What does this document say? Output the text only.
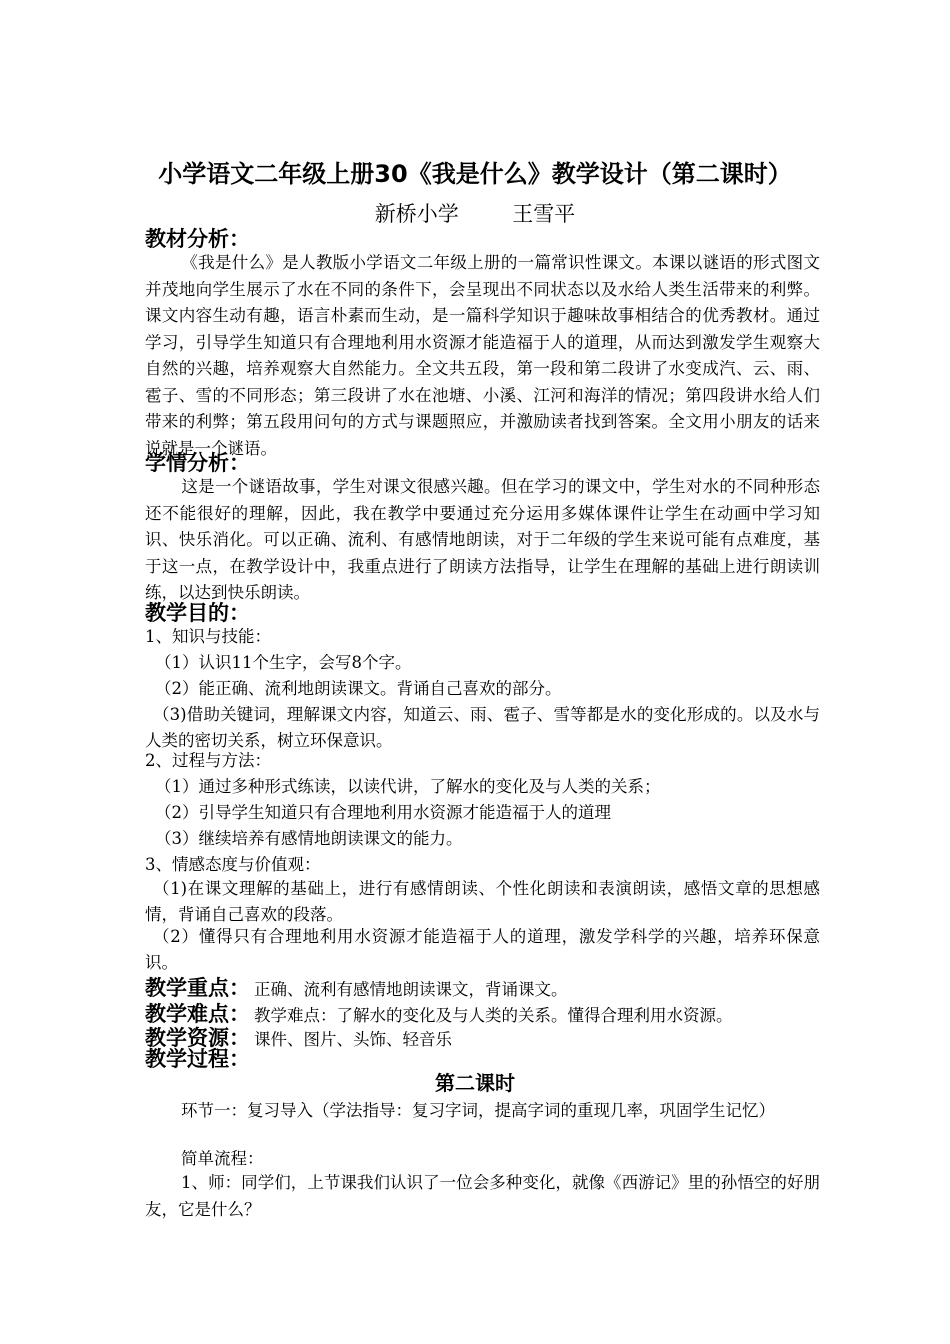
小学语文二年级上册30《我是什么》教学设计（第二课时）
新桥小学        王雪平
教材分析：

《我是什么》是人教版小学语文二年级上册的一篇常识性课文。本课以谜语的形式图文并茂地向学生展示了水在不同的条件下，会呈现出不同状态以及水给人类生活带来的利弊。课文内容生动有趣，语言朴素而生动，是一篇科学知识于趣味故事相结合的优秀教材。通过学习，引导学生知道只有合理地利用水资源才能造福于人的道理，从而达到激发学生观察大自然的兴趣，培养观察大自然能力。全文共五段，第一段和第二段讲了水变成汽、云、雨、雹子、雪的不同形态；第三段讲了水在池塘、小溪、江河和海洋的情况；第四段讲水给人们带来的利弊；第五段用问句的方式与课题照应，并激励读者找到答案。全文用小朋友的话来说就是一个谜语。

学情分析：

这是一个谜语故事，学生对课文很感兴趣。但在学习的课文中，学生对水的不同种形态还不能很好的理解，因此，我在教学中要通过充分运用多媒体课件让学生在动画中学习知识、快乐消化。可以正确、流利、有感情地朗读，对于二年级的学生来说可能有点难度，基于这一点，在教学设计中，我重点进行了朗读方法指导，让学生在理解的基础上进行朗读训练，以达到快乐朗读。

教学目的：
1、知识与技能：
（1）认识11个生字，会写8个字。
（2）能正确、流利地朗读课文。背诵自己喜欢的部分。

（3)借助关键词，理解课文内容，知道云、雨、雹子、雪等都是水的变化形成的。以及水与人类的密切关系，树立环保意识。

2、过程与方法：
（1）通过多种形式练读，以读代讲，了解水的变化及与人类的关系；
（2）引导学生知道只有合理地利用水资源才能造福于人的道理
（3）继续培养有感情地朗读课文的能力。
3、情感态度与价值观：

（1)在课文理解的基础上，进行有感情朗读、个性化朗读和表演朗读，感悟文章的思想感情，背诵自己喜欢的段落。

（2）懂得只有合理地利用水资源才能造福于人的道理，激发学科学的兴趣，培养环保意识。

教学重点： 正确、流利有感情地朗读课文，背诵课文。
教学难点： 教学难点：了解水的变化及与人类的关系。懂得合理利用水资源。
教学资源： 课件、图片、头饰、轻音乐
教学过程：
第二课时

环节一：复习导入（学法指导：复习字词，提高字词的重现几率，巩固学生记忆）

简单流程：

1、师：同学们，上节课我们认识了一位会多种变化，就像《西游记》里的孙悟空的好朋友，它是什么？
